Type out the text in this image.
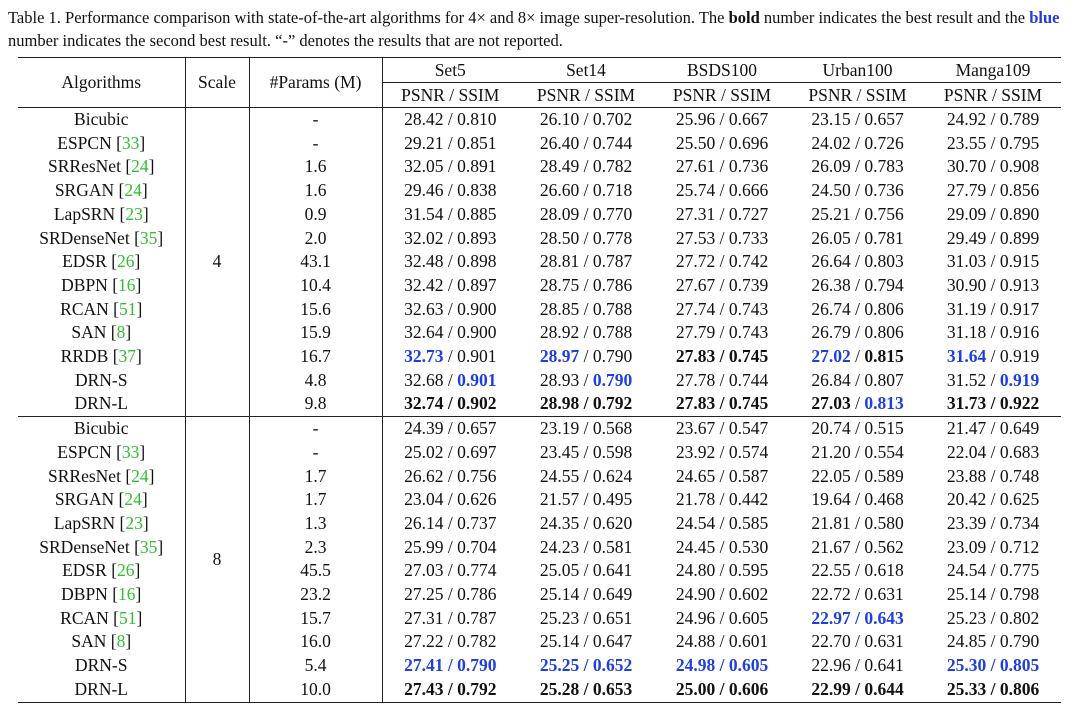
Table 1. Performance comparison with state-of-the-art algorithms for 4× and 8× image super-resolution. The bold number indicates the best result and the blue number indicates the second best result. “-” denotes the results that are not reported.
Algorithms	Scale	#Params (M)	Set5	Set14	BSDS100	Urban100	Manga109
			PSNR / SSIM	PSNR / SSIM	PSNR / SSIM	PSNR / SSIM	PSNR / SSIM
Bicubic	4	-	28.42 / 0.810	26.10 / 0.702	25.96 / 0.667	23.15 / 0.657	24.92 / 0.789
ESPCN [33]		-	29.21 / 0.851	26.40 / 0.744	25.50 / 0.696	24.02 / 0.726	23.55 / 0.795
SRResNet [24]		1.6	32.05 / 0.891	28.49 / 0.782	27.61 / 0.736	26.09 / 0.783	30.70 / 0.908
SRGAN [24]		1.6	29.46 / 0.838	26.60 / 0.718	25.74 / 0.666	24.50 / 0.736	27.79 / 0.856
LapSRN [23]		0.9	31.54 / 0.885	28.09 / 0.770	27.31 / 0.727	25.21 / 0.756	29.09 / 0.890
SRDenseNet [35]		2.0	32.02 / 0.893	28.50 / 0.778	27.53 / 0.733	26.05 / 0.781	29.49 / 0.899
EDSR [26]		43.1	32.48 / 0.898	28.81 / 0.787	27.72 / 0.742	26.64 / 0.803	31.03 / 0.915
DBPN [16]		10.4	32.42 / 0.897	28.75 / 0.786	27.67 / 0.739	26.38 / 0.794	30.90 / 0.913
RCAN [51]		15.6	32.63 / 0.900	28.85 / 0.788	27.74 / 0.743	26.74 / 0.806	31.19 / 0.917
SAN [8]		15.9	32.64 / 0.900	28.92 / 0.788	27.79 / 0.743	26.79 / 0.806	31.18 / 0.916
RRDB [37]		16.7	32.73 / 0.901	28.97 / 0.790	27.83 / 0.745	27.02 / 0.815	31.64 / 0.919
DRN-S		4.8	32.68 / 0.901	28.93 / 0.790	27.78 / 0.744	26.84 / 0.807	31.52 / 0.919
DRN-L		9.8	32.74 / 0.902	28.98 / 0.792	27.83 / 0.745	27.03 / 0.813	31.73 / 0.922
Bicubic	8	-	24.39 / 0.657	23.19 / 0.568	23.67 / 0.547	20.74 / 0.515	21.47 / 0.649
ESPCN [33]		-	25.02 / 0.697	23.45 / 0.598	23.92 / 0.574	21.20 / 0.554	22.04 / 0.683
SRResNet [24]		1.7	26.62 / 0.756	24.55 / 0.624	24.65 / 0.587	22.05 / 0.589	23.88 / 0.748
SRGAN [24]		1.7	23.04 / 0.626	21.57 / 0.495	21.78 / 0.442	19.64 / 0.468	20.42 / 0.625
LapSRN [23]		1.3	26.14 / 0.737	24.35 / 0.620	24.54 / 0.585	21.81 / 0.580	23.39 / 0.734
SRDenseNet [35]		2.3	25.99 / 0.704	24.23 / 0.581	24.45 / 0.530	21.67 / 0.562	23.09 / 0.712
EDSR [26]		45.5	27.03 / 0.774	25.05 / 0.641	24.80 / 0.595	22.55 / 0.618	24.54 / 0.775
DBPN [16]		23.2	27.25 / 0.786	25.14 / 0.649	24.90 / 0.602	22.72 / 0.631	25.14 / 0.798
RCAN [51]		15.7	27.31 / 0.787	25.23 / 0.651	24.96 / 0.605	22.97 / 0.643	25.23 / 0.802
SAN [8]		16.0	27.22 / 0.782	25.14 / 0.647	24.88 / 0.601	22.70 / 0.631	24.85 / 0.790
DRN-S		5.4	27.41 / 0.790	25.25 / 0.652	24.98 / 0.605	22.96 / 0.641	25.30 / 0.805
DRN-L		10.0	27.43 / 0.792	25.28 / 0.653	25.00 / 0.606	22.99 / 0.644	25.33 / 0.806
